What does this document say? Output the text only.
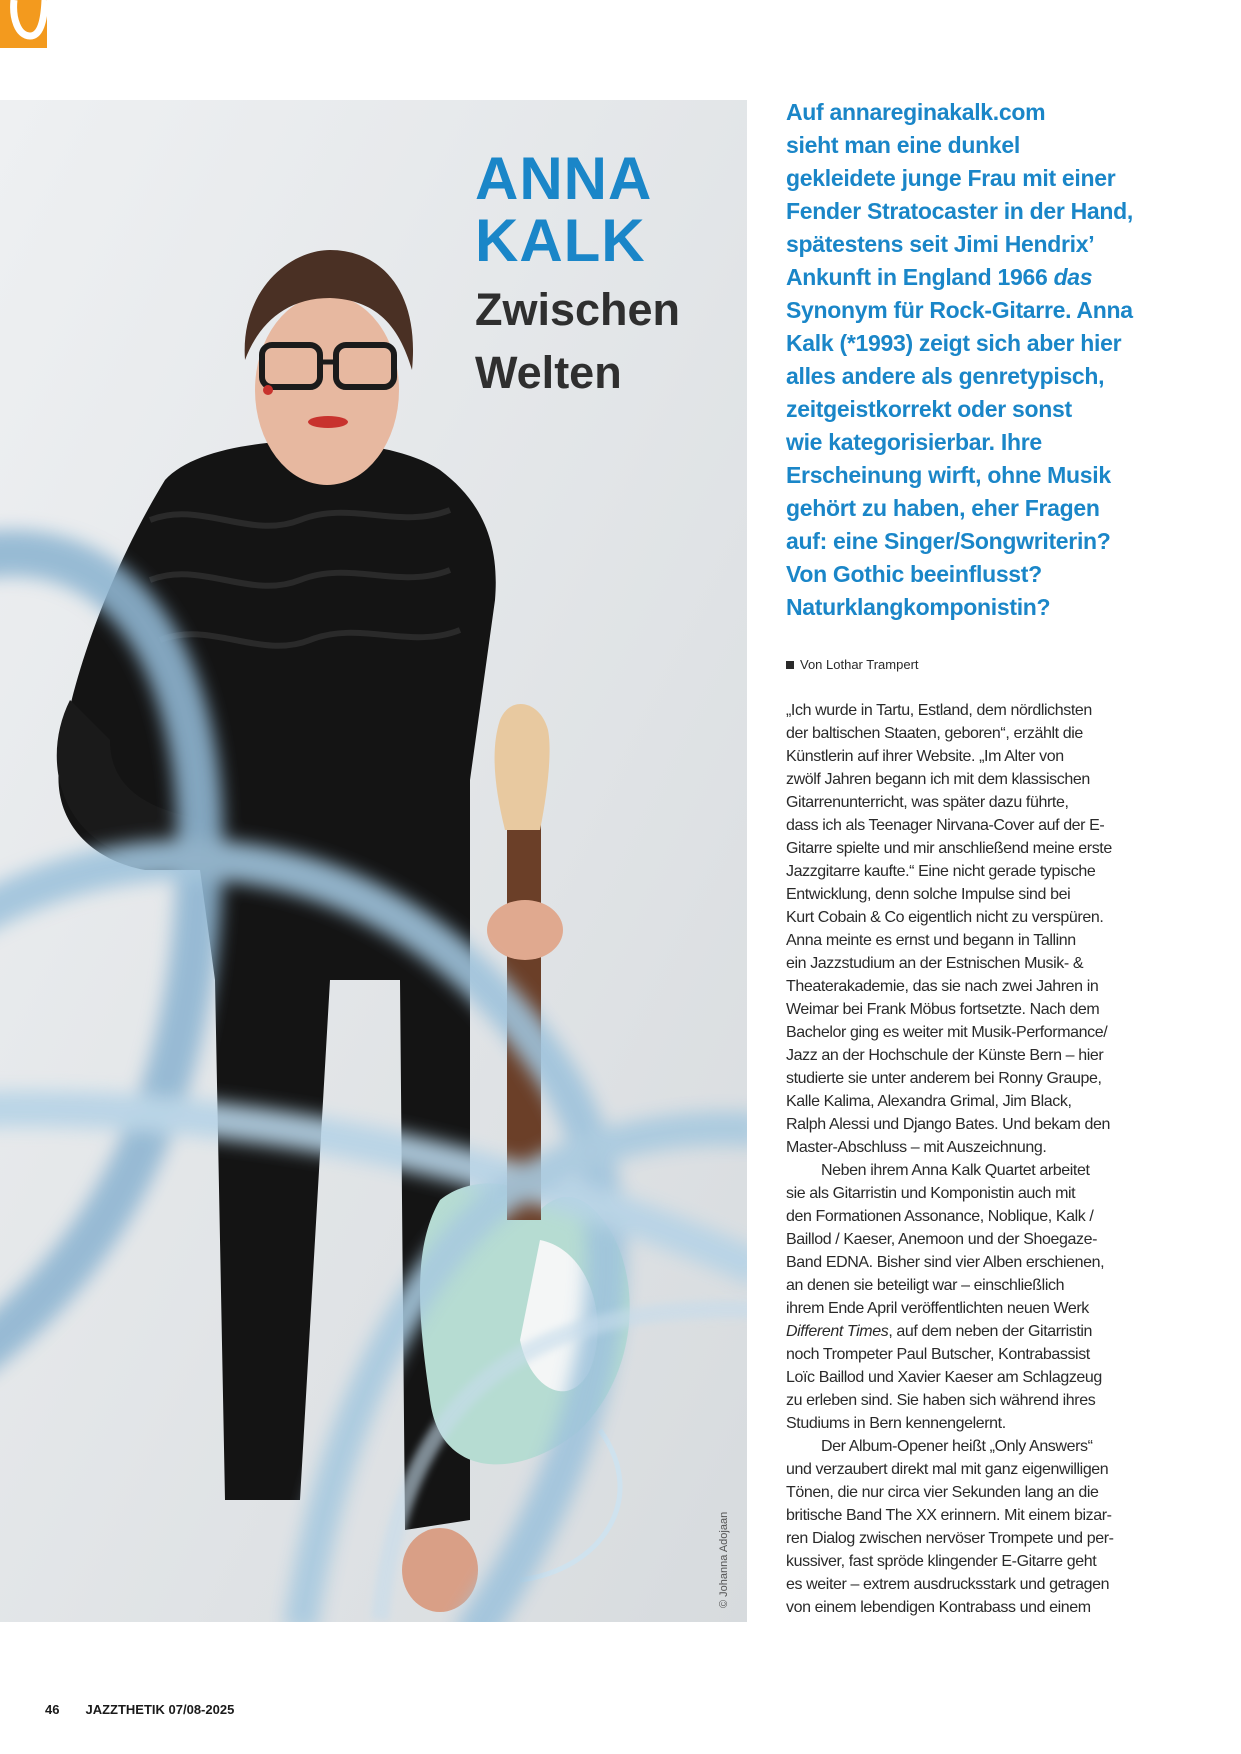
ANNA

KALK

Zwischen
Welten

© Johanna Adojaan
Auf annareginakalk.com
sieht man eine dunkel
gekleidete junge Frau mit einer
Fender Stratocaster in der Hand,
spätestens seit Jimi Hendrix’
Ankunft in England 1966 das
Synonym für Rock-Gitarre. Anna
Kalk (*1993) zeigt sich aber hier
alles andere als genretypisch,
zeitgeistkorrekt oder sonst
wie kategorisierbar. Ihre
Erscheinung wirft, ohne Musik
gehört zu haben, eher Fragen
auf: eine Singer/Songwriterin?
Von Gothic beeinflusst?
Naturklangkomponistin?
Von Lothar Trampert
„Ich wurde in Tartu, Estland, dem nördlichsten
der baltischen Staaten, geboren“, erzählt die
Künstlerin auf ihrer Website. „Im Alter von
zwölf Jahren begann ich mit dem klassischen
Gitarrenunterricht, was später dazu führte,
dass ich als Teenager Nirvana-Cover auf der E-
Gitarre spielte und mir anschließend meine erste
Jazzgitarre kaufte.“ Eine nicht gerade typische
Entwicklung, denn solche Impulse sind bei
Kurt Cobain & Co eigentlich nicht zu verspüren.
Anna meinte es ernst und begann in Tallinn
ein Jazzstudium an der Estnischen Musik- &
Theaterakademie, das sie nach zwei Jahren in
Weimar bei Frank Möbus fortsetzte. Nach dem
Bachelor ging es weiter mit Musik-Performance/
Jazz an der Hochschule der Künste Bern – hier
studierte sie unter anderem bei Ronny Graupe,
Kalle Kalima, Alexandra Grimal, Jim Black,
Ralph Alessi und Django Bates. Und bekam den
Master-Abschluss – mit Auszeichnung.
Neben ihrem Anna Kalk Quartet arbeitet
sie als Gitarristin und Komponistin auch mit
den Formationen Assonance, Noblique, Kalk /
Baillod / Kaeser, Anemoon und der Shoegaze-
Band EDNA. Bisher sind vier Alben erschienen,
an denen sie beteiligt war – einschließlich
ihrem Ende April veröffentlichten neuen Werk
Different Times, auf dem neben der Gitarristin
noch Trompeter Paul Butscher, Kontrabassist
Loïc Baillod und Xavier Kaeser am Schlagzeug
zu erleben sind. Sie haben sich während ihres
Studiums in Bern kennengelernt.
Der Album-Opener heißt „Only Answers“
und verzaubert direkt mal mit ganz eigenwilligen
Tönen, die nur circa vier Sekunden lang an die
britische Band The XX erinnern. Mit einem bizar-
ren Dialog zwischen nervöser Trompete und per-
kussiver, fast spröde klingender E-Gitarre geht
es weiter – extrem ausdrucksstark und getragen
von einem lebendigen Kontrabass und einem
46 JAZZTHETIK 07/08-2025
